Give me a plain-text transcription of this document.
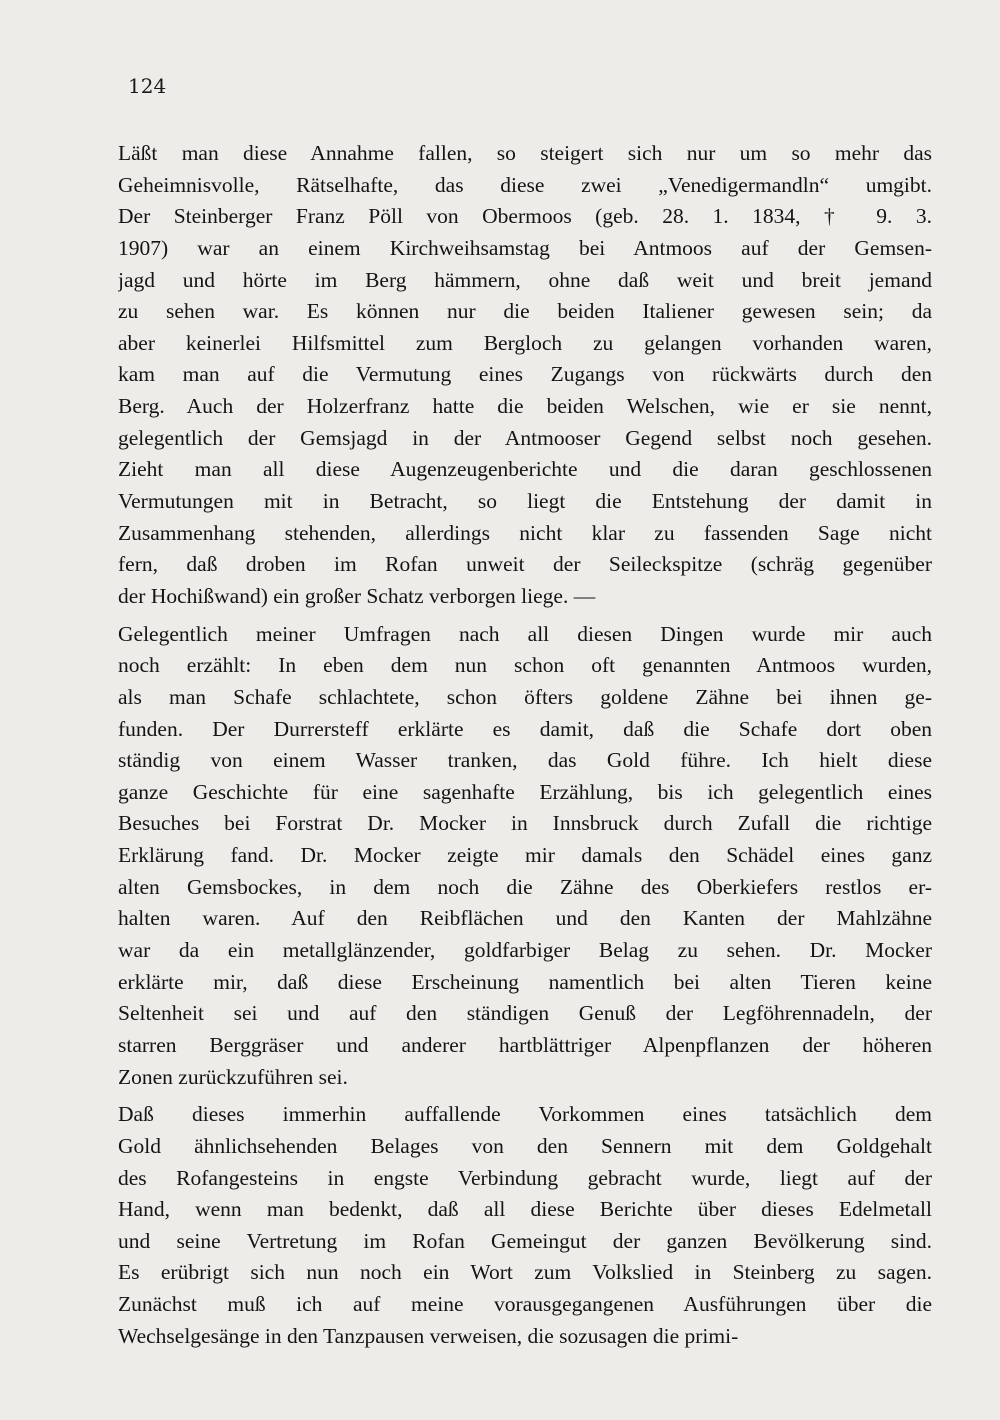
124
Läßt man diese Annahme fallen, so steigert sich nur um so mehr das
Geheimnisvolle, Rätselhafte, das diese zwei „Venedigermandln“ umgibt.
Der Steinberger Franz Pöll von Obermoos (geb. 28. 1. 1834, † 9. 3.
1907) war an einem Kirchweihsamstag bei Antmoos auf der Gemsen-
jagd und hörte im Berg hämmern, ohne daß weit und breit jemand
zu sehen war. Es können nur die beiden Italiener gewesen sein; da
aber keinerlei Hilfsmittel zum Bergloch zu gelangen vorhanden waren,
kam man auf die Vermutung eines Zugangs von rückwärts durch den
Berg. Auch der Holzerfranz hatte die beiden Welschen, wie er sie nennt,
gelegentlich der Gemsjagd in der Antmooser Gegend selbst noch gesehen.
Zieht man all diese Augenzeugenberichte und die daran geschlossenen
Vermutungen mit in Betracht, so liegt die Entstehung der damit in
Zusammenhang stehenden, allerdings nicht klar zu fassenden Sage nicht
fern, daß droben im Rofan unweit der Seileckspitze (schräg gegenüber
der Hochißwand) ein großer Schatz verborgen liege. —
Gelegentlich meiner Umfragen nach all diesen Dingen wurde mir auch
noch erzählt: In eben dem nun schon oft genannten Antmoos wurden,
als man Schafe schlachtete, schon öfters goldene Zähne bei ihnen ge-
funden. Der Durrersteff erklärte es damit, daß die Schafe dort oben
ständig von einem Wasser tranken, das Gold führe. Ich hielt diese
ganze Geschichte für eine sagenhafte Erzählung, bis ich gelegentlich eines
Besuches bei Forstrat Dr. Mocker in Innsbruck durch Zufall die richtige
Erklärung fand. Dr. Mocker zeigte mir damals den Schädel eines ganz
alten Gemsbockes, in dem noch die Zähne des Oberkiefers restlos er-
halten waren. Auf den Reibflächen und den Kanten der Mahlzähne
war da ein metallglänzender, goldfarbiger Belag zu sehen. Dr. Mocker
erklärte mir, daß diese Erscheinung namentlich bei alten Tieren keine
Seltenheit sei und auf den ständigen Genuß der Legföhrennadeln, der
starren Berggräser und anderer hartblättriger Alpenpflanzen der höheren
Zonen zurückzuführen sei.
Daß dieses immerhin auffallende Vorkommen eines tatsächlich dem
Gold ähnlichsehenden Belages von den Sennern mit dem Goldgehalt
des Rofangesteins in engste Verbindung gebracht wurde, liegt auf der
Hand, wenn man bedenkt, daß all diese Berichte über dieses Edelmetall
und seine Vertretung im Rofan Gemeingut der ganzen Bevölkerung sind.
Es erübrigt sich nun noch ein Wort zum Volkslied in Steinberg zu sagen.
Zunächst muß ich auf meine vorausgegangenen Ausführungen über die
Wechselgesänge in den Tanzpausen verweisen, die sozusagen die primi-
